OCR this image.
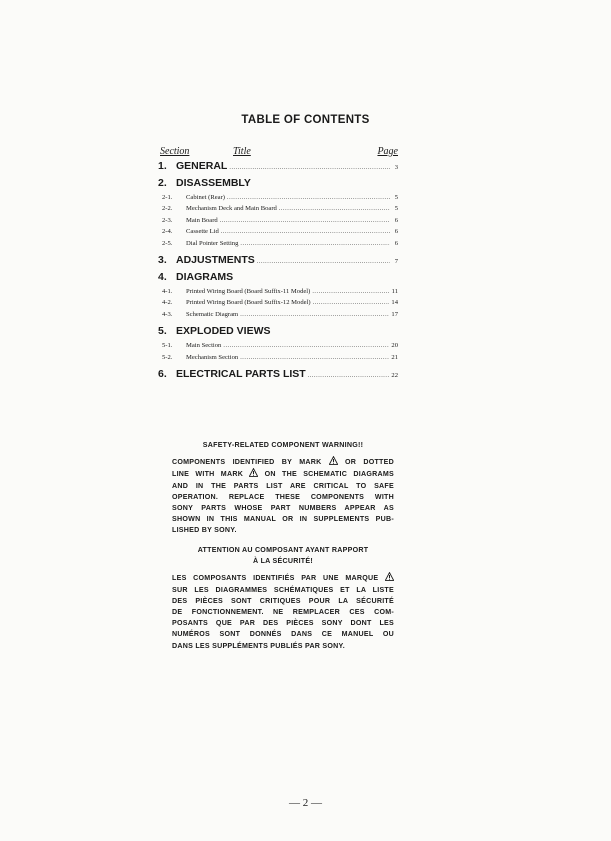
TABLE OF CONTENTS
Section	Title	Page
1. GENERAL .....	3
2. DISASSEMBLY
2-1.	Cabinet (Rear) .....	5
2-2.	Mechanism Deck and Main Board .....	5
2-3.	Main Board .....	6
2-4.	Cassette Lid .....	6
2-5.	Dial Pointer Setting .....	6
3. ADJUSTMENTS .....	7
4. DIAGRAMS
4-1.	Printed Wiring Board (Board Suffix-11 Model) .....	11
4-2.	Printed Wiring Board (Board Suffix-12 Model) .....	14
4-3.	Schematic Diagram .....	17
5. EXPLODED VIEWS
5-1.	Main Section .....	20
5-2.	Mechanism Section .....	21
6. ELECTRICAL PARTS LIST .....	22
SAFETY-RELATED COMPONENT WARNING!!
COMPONENTS IDENTIFIED BY MARK  OR DOTTED
LINE WITH MARK  ON THE SCHEMATIC DIAGRAMS
AND IN THE PARTS LIST ARE CRITICAL TO SAFE
OPERATION. REPLACE THESE COMPONENTS WITH
SONY PARTS WHOSE PART NUMBERS APPEAR AS
SHOWN IN THIS MANUAL OR IN SUPPLEMENTS PUB-
LISHED BY SONY.
ATTENTION AU COMPOSANT AYANT RAPPORT
À LA SÉCURITÉ!
LES COMPOSANTS IDENTIFIÉS PAR UNE MARQUE
SUR LES DIAGRAMMES SCHÉMATIQUES ET LA LISTE
DES PIÈCES SONT CRITIQUES POUR LA SÉCURITÉ
DE FONCTIONNEMENT. NE REMPLACER CES COM-
POSANTS QUE PAR DES PIÈCES SONY DONT LES
NUMÉROS SONT DONNÉS DANS CE MANUEL OU
DANS LES SUPPLÉMENTS PUBLIÉS PAR SONY.
— 2 —
